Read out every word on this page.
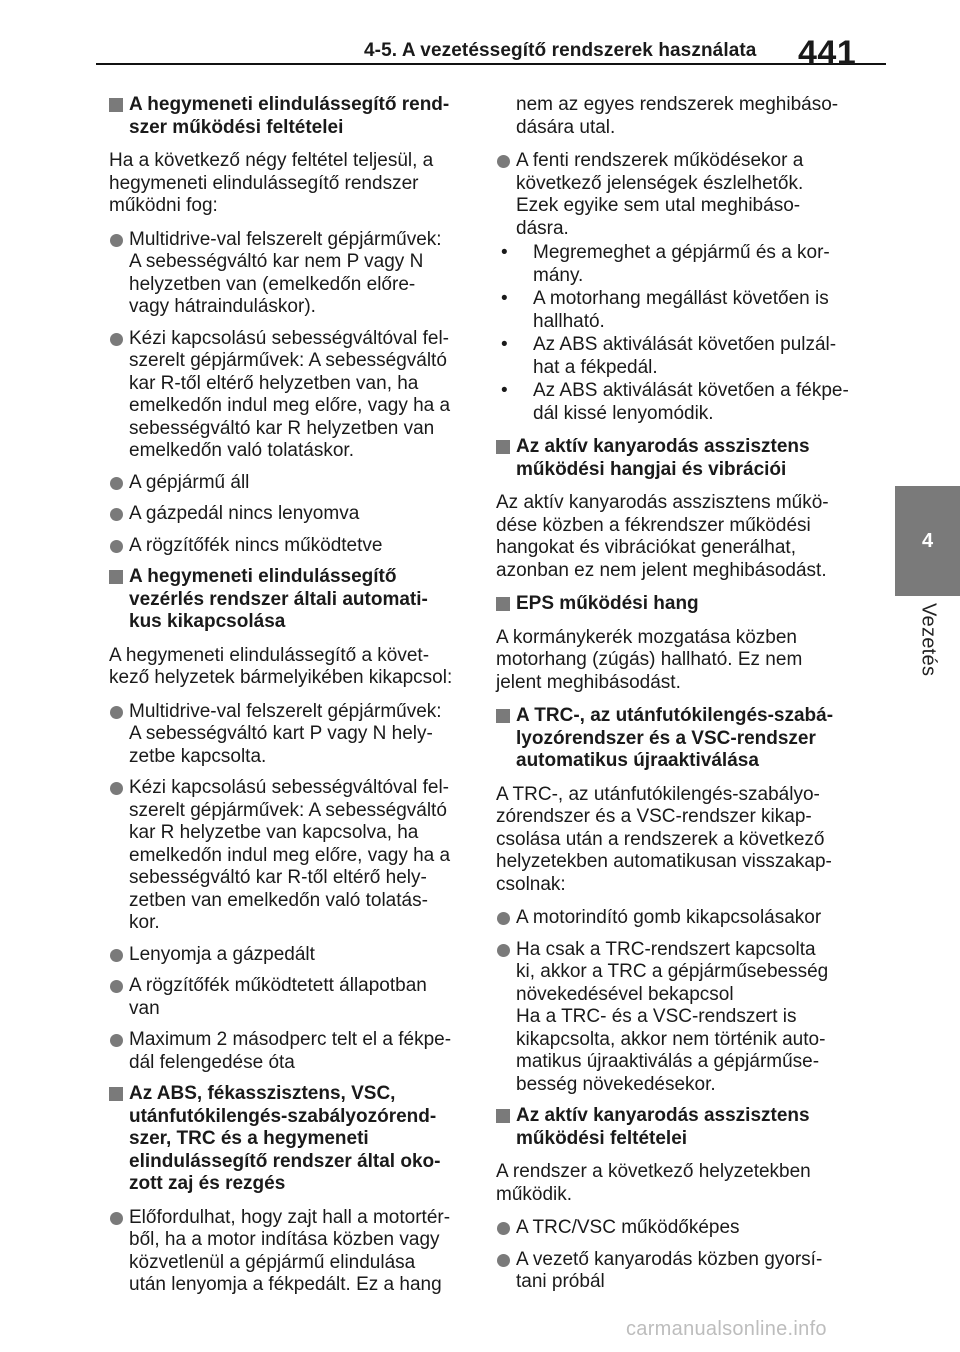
4-5. A vezetéssegítő rendszerek használata 441
4
Vezetés
A hegymeneti elindulássegítő rend-
szer működési feltételei
Ha a következő négy feltétel teljesül, a
hegymeneti elindulássegítő rendszer
működni fog:
Multidrive-val felszerelt gépjárművek:
A sebességváltó kar nem P vagy N
helyzetben van (emelkedőn előre-
vagy hátrainduláskor).
Kézi kapcsolású sebességváltóval fel-
szerelt gépjárművek: A sebességváltó
kar R-től eltérő helyzetben van, ha
emelkedőn indul meg előre, vagy ha a
sebességváltó kar R helyzetben van
emelkedőn való tolatáskor.
A gépjármű áll
A gázpedál nincs lenyomva
A rögzítőfék nincs működtetve
A hegymeneti elindulássegítő
vezérlés rendszer általi automati-
kus kikapcsolása
A hegymeneti elindulássegítő a követ-
kező helyzetek bármelyikében kikapcsol:
Multidrive-val felszerelt gépjárművek:
A sebességváltó kart P vagy N hely-
zetbe kapcsolta.
Kézi kapcsolású sebességváltóval fel-
szerelt gépjárművek: A sebességváltó
kar R helyzetbe van kapcsolva, ha
emelkedőn indul meg előre, vagy ha a
sebességváltó kar R-től eltérő hely-
zetben van emelkedőn való tolatás-
kor.
Lenyomja a gázpedált
A rögzítőfék működtetett állapotban
van
Maximum 2 másodperc telt el a fékpe-
dál felengedése óta
Az ABS, fékasszisztens, VSC,
utánfutókilengés-szabályozórend-
szer, TRC és a hegymeneti
elindulássegítő rendszer által oko-
zott zaj és rezgés
Előfordulhat, hogy zajt hall a motortér-
ből, ha a motor indítása közben vagy
közvetlenül a gépjármű elindulása
után lenyomja a fékpedált. Ez a hang
nem az egyes rendszerek meghibáso-
dására utal.
A fenti rendszerek működésekor a
következő jelenségek észlelhetők.
Ezek egyike sem utal meghibáso-
dásra.
• Megremeghet a gépjármű és a kor-
mány.
• A motorhang megállást követően is
hallható.
• Az ABS aktiválását követően pulzál-
hat a fékpedál.
• Az ABS aktiválását követően a fékpe-
dál kissé lenyomódik.
Az aktív kanyarodás asszisztens
működési hangjai és vibrációi
Az aktív kanyarodás asszisztens műkö-
dése közben a fékrendszer működési
hangokat és vibrációkat generálhat,
azonban ez nem jelent meghibásodást.
EPS működési hang
A kormánykerék mozgatása közben
motorhang (zúgás) hallható. Ez nem
jelent meghibásodást.
A TRC-, az utánfutókilengés-szabá-
lyozórendszer és a VSC-rendszer
automatikus újraaktiválása
A TRC-, az utánfutókilengés-szabályo-
zórendszer és a VSC-rendszer kikap-
csolása után a rendszerek a következő
helyzetekben automatikusan visszakap-
csolnak:
A motorindító gomb kikapcsolásakor
Ha csak a TRC-rendszert kapcsolta
ki, akkor a TRC a gépjárműsebesség
növekedésével bekapcsol
Ha a TRC- és a VSC-rendszert is
kikapcsolta, akkor nem történik auto-
matikus újraaktiválás a gépjárműse-
besség növekedésekor.
Az aktív kanyarodás asszisztens
működési feltételei
A rendszer a következő helyzetekben
működik.
A TRC/VSC működőképes
A vezető kanyarodás közben gyorsí-
tani próbál
carmanualsonline.info
